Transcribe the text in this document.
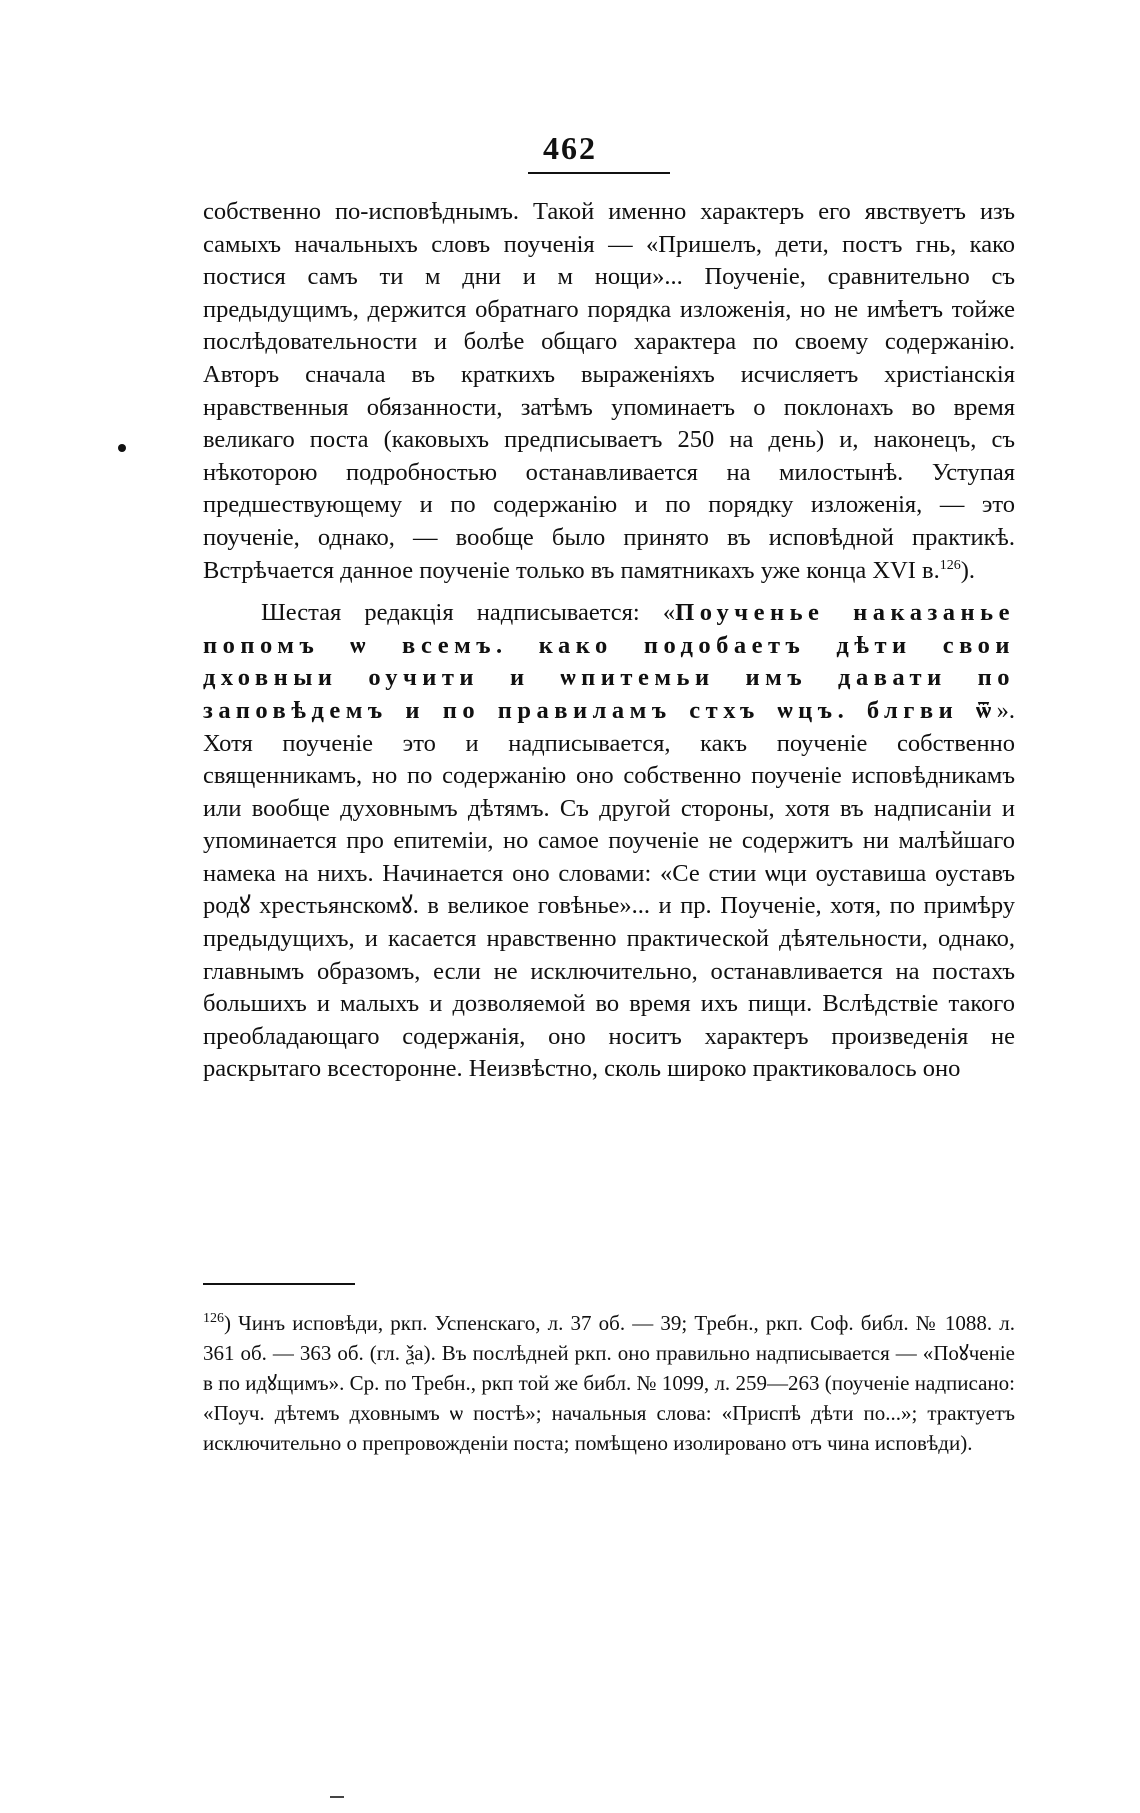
462

собственно по-исповѣднымъ. Такой именно характеръ его явствуетъ изъ самыхъ начальныхъ словъ поученія — «Пришелъ, дети, постъ гнь, како постися самъ ти м дни и м нощи»... Поученіе, сравнительно съ предыдущимъ, держится обратнаго порядка изложенія, но не имѣетъ тойже послѣдовательности и болѣе общаго характера по своему содержанію. Авторъ сначала въ краткихъ выраженіяхъ исчисляетъ христіанскія нравственныя обязанности, затѣмъ упоминаетъ о поклонахъ во время великаго поста (каковыхъ предписываетъ 250 на день) и, наконецъ, съ нѣкоторою подробностью останавливается на милостынѣ. Уступая предшествующему и по содержанію и по порядку изложенія, — это поученіе, однако, — вообще было принято въ исповѣдной практикѣ. Встрѣчается данное поученіе только въ памятникахъ уже конца XVI в.$^{126}$).

Шестая редакція надписывается: «Поученье наказанье попомъ ѡ всемъ. како подобаетъ дѣти свои дховныи оучити и ѡпитемьи имъ давати по заповѣдемъ и по правиламъ стхъ ѡцъ. блгви ѿ». Хотя поученіе это и надписывается, какъ поученіе собственно священникамъ, но по содержанію оно собственно поученіе исповѣдникамъ или вообще духовнымъ дѣтямъ. Съ другой стороны, хотя въ надписаніи и упоминается про епитеміи, но самое поученіе не содержитъ ни малѣйшаго намека на нихъ. Начинается оно словами: «Се стии ѡци оуставиша оуставъ родꙋ хрестьянскомꙋ. в великое говѣнье»... и пр. Поученіе, хотя, по примѣру предыдущихъ, и касается нравственно практической дѣятельности, однако, главнымъ образомъ, если не исключительно, останавливается на постахъ большихъ и малыхъ и дозволяемой во время ихъ пищи. Вслѣдствіе такого преобладающаго содержанія, оно носитъ характеръ произведенія не раскрытаго всесторонне. Неизвѣстно, сколь широко практиковалось оно

$^{126}$) Чинъ исповѣди, ркп. Успенскаго, л. 37 об. — 39; Требн., ркп. Соф. библ. № 1088. л. 361 об. — 363 об. (гл. ѯа). Въ послѣдней ркп. оно правильно надписывается — «Поꙋченіе в по идꙋщимъ». Ср. по Требн., ркп той же библ. № 1099, л. 259—263 (поученіе надписано: «Поуч. дѣтемъ дховнымъ ѡ постѣ»; начальныя слова: «Приспѣ дѣти по...»; трактуетъ исключительно о препровожденіи поста; помѣщено изолировано отъ чина исповѣди).
